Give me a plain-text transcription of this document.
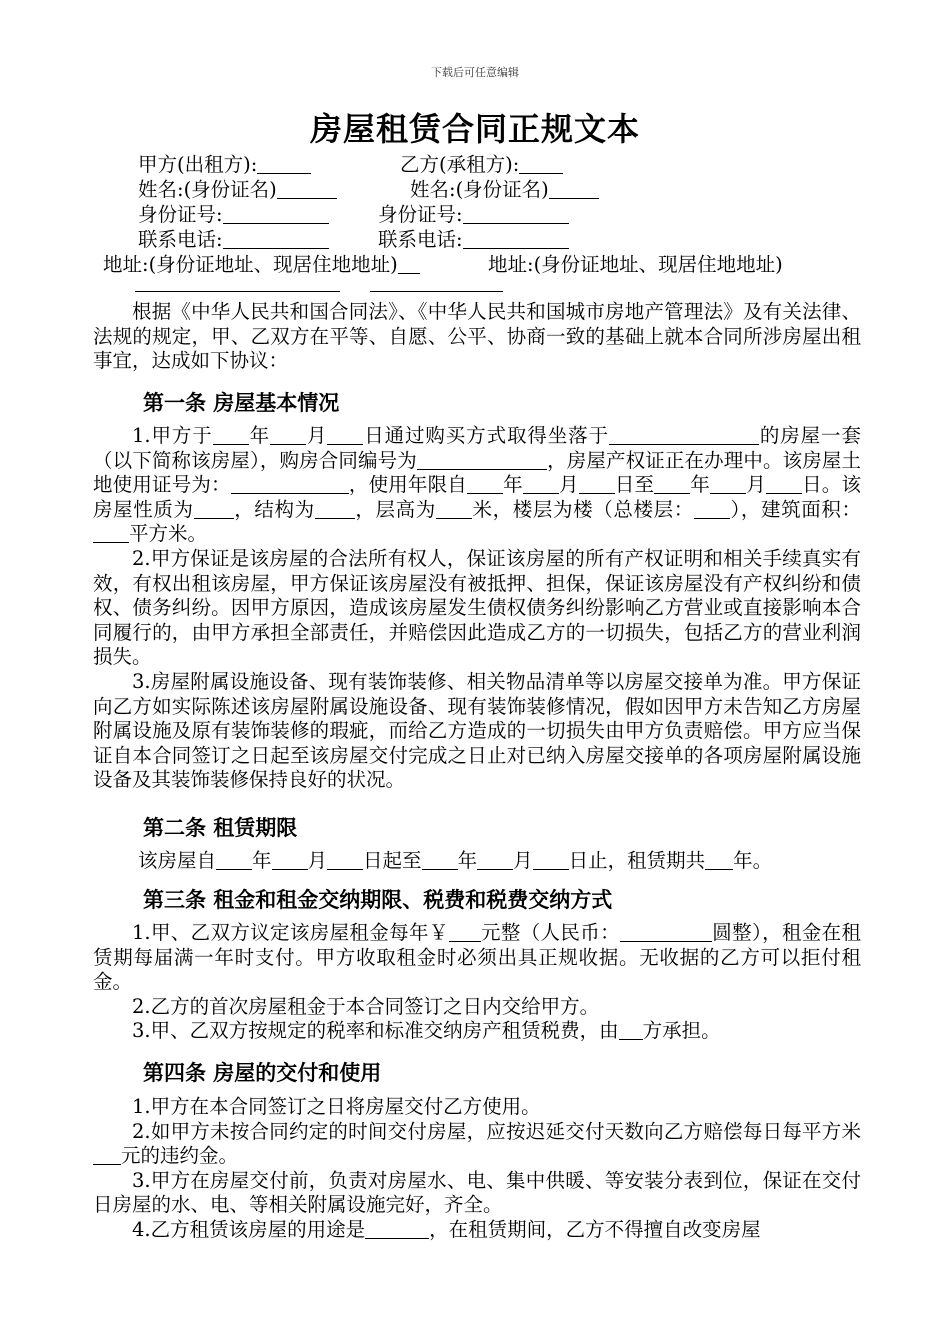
下载后可任意编辑
房屋租赁合同正规文本
甲方(出租方):	乙方(承租方):
姓名:(身份证名)	姓名:(身份证名)
身份证号:	身份证号:
联系电话:	联系电话:
地址:(身份证地址、现居住地地址)	地址:(身份证地址、现居住地地址)

根据《中华人民共和国合同法》、《中华人民共和国城市房地产管理法》及有关法律、法规的规定，甲、乙双方在平等、自愿、公平、协商一致的基础上就本合同所涉房屋出租事宜，达成如下协议：

第一条 房屋基本情况

1.甲方于 年 月 日通过购买方式取得坐落于	的房屋一套（以下简称该房屋），购房合同编号为	，房屋产权证正在办理中。该房屋土地使用证号为：	，使用年限自 年 月 日至 年 月 日。该房屋性质为 ，结构为 ，层高为 米，楼层为楼（总楼层： ），建筑面积：平方米。

2.甲方保证是该房屋的合法所有权人，保证该房屋的所有产权证明和相关手续真实有效，有权出租该房屋，甲方保证该房屋没有被抵押、担保，保证该房屋没有产权纠纷和债权、债务纠纷。因甲方原因，造成该房屋发生债权债务纠纷影响乙方营业或直接影响本合同履行的，由甲方承担全部责任，并赔偿因此造成乙方的一切损失，包括乙方的营业利润损失。

3.房屋附属设施设备、现有装饰装修、相关物品清单等以房屋交接单为准。甲方保证向乙方如实际陈述该房屋附属设施设备、现有装饰装修情况，假如因甲方未告知乙方房屋附属设施及原有装饰装修的瑕疵，而给乙方造成的一切损失由甲方负责赔偿。甲方应当保证自本合同签订之日起至该房屋交付完成之日止对已纳入房屋交接单的各项房屋附属设施设备及其装饰装修保持良好的状况。

第二条 租赁期限
该房屋自 年 月 日起至 年 月 日止，租赁期共 年。
第三条 租金和租金交纳期限、税费和税费交纳方式

1.甲、乙双方议定该房屋租金每年￥ 元整（人民币：	圆整），租金在租赁期每届满一年时支付。甲方收取租金时必须出具正规收据。无收据的乙方可以拒付租金。

2.乙方的首次房屋租金于本合同签订之日内交给甲方。

3.甲、乙双方按规定的税率和标准交纳房产租赁税费，由 方承担。

第四条 房屋的交付和使用

1.甲方在本合同签订之日将房屋交付乙方使用。

2.如甲方未按合同约定的时间交付房屋，应按迟延交付天数向乙方赔偿每日每平方米元的违约金。

3.甲方在房屋交付前，负责对房屋水、电、集中供暖、等安装分表到位，保证在交付日房屋的水、电、等相关附属设施完好，齐全。

4.乙方租赁该房屋的用途是	，在租赁期间，乙方不得擅自改变房屋
